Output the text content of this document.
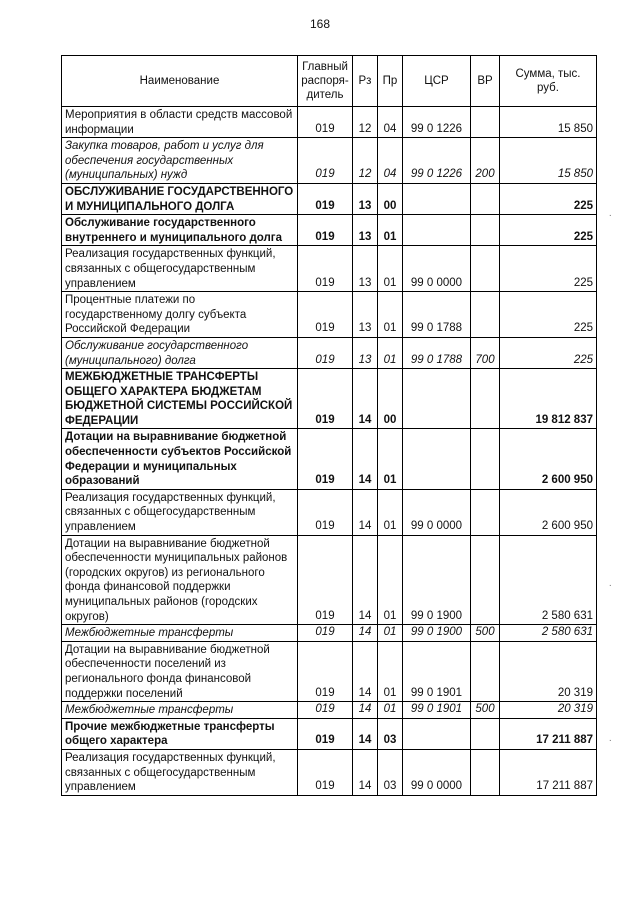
168
·
·
·
Наименование	Главный распоря-дитель	Рз	Пр	ЦСР	ВР	Сумма, тыс. руб.
Мероприятия в области средств массовой информации	019	12	04	99 0 1226		15 850
Закупка товаров, работ и услуг для обеспечения государственных (муниципальных) нужд	019	12	04	99 0 1226	200	15 850
ОБСЛУЖИВАНИЕ ГОСУДАРСТВЕННОГО И МУНИЦИПАЛЬНОГО ДОЛГА	019	13	00			225
Обслуживание государственного внутреннего и муниципального долга	019	13	01			225
Реализация государственных функций, связанных с общегосударственным управлением	019	13	01	99 0 0000		225
Процентные платежи по государственному долгу субъекта Российской Федерации	019	13	01	99 0 1788		225
Обслуживание государственного (муниципального) долга	019	13	01	99 0 1788	700	225
МЕЖБЮДЖЕТНЫЕ ТРАНСФЕРТЫ ОБЩЕГО ХАРАКТЕРА БЮДЖЕТАМ БЮДЖЕТНОЙ СИСТЕМЫ РОССИЙСКОЙ ФЕДЕРАЦИИ	019	14	00			19 812 837
Дотации на выравнивание бюджетной обеспеченности субъектов Российской Федерации и муниципальных образований	019	14	01			2 600 950
Реализация государственных функций, связанных с общегосударственным управлением	019	14	01	99 0 0000		2 600 950
Дотации на выравнивание бюджетной обеспеченности муниципальных районов (городских округов) из регионального фонда финансовой поддержки муниципальных районов (городских округов)	019	14	01	99 0 1900		2 580 631
Межбюджетные трансферты	019	14	01	99 0 1900	500	2 580 631
Дотации на выравнивание бюджетной обеспеченности поселений из регионального фонда финансовой поддержки поселений	019	14	01	99 0 1901		20 319
Межбюджетные трансферты	019	14	01	99 0 1901	500	20 319
Прочие межбюджетные трансферты общего характера	019	14	03			17 211 887
Реализация государственных функций, связанных с общегосударственным управлением	019	14	03	99 0 0000		17 211 887
